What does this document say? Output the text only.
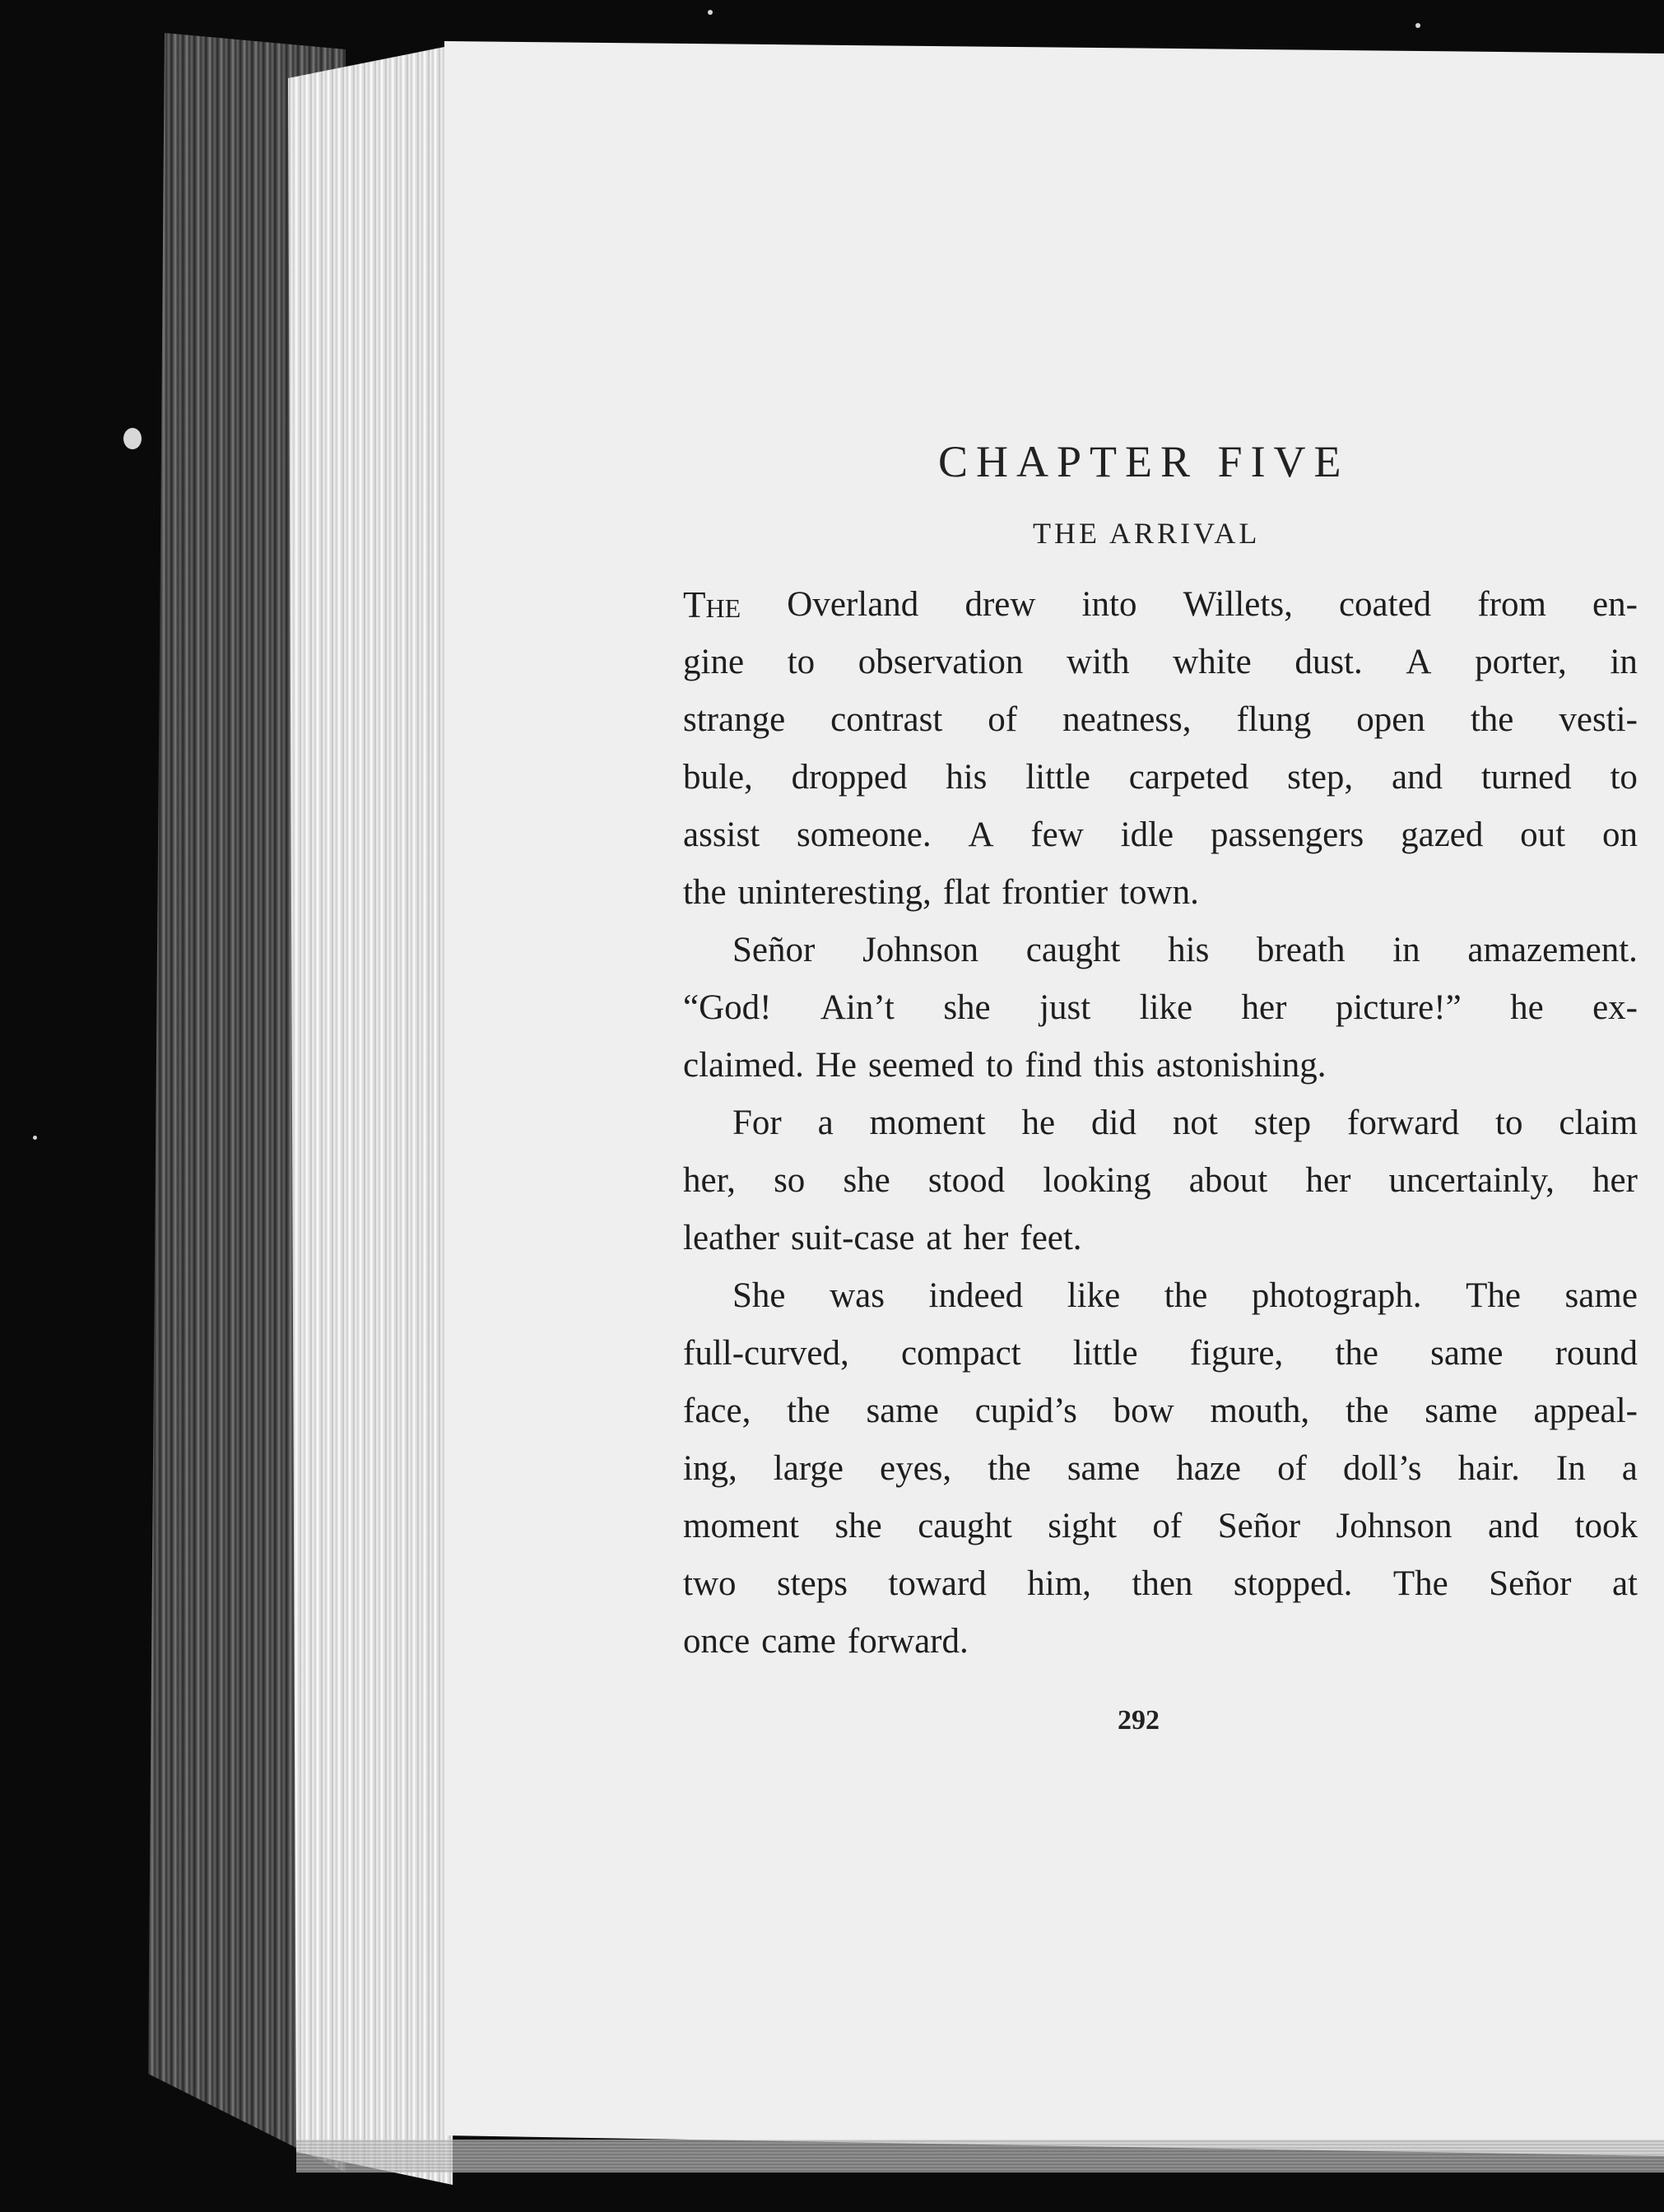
CHAPTER FIVE
THE ARRIVAL
The Overland drew into Willets, coated from en-
gine to observation with white dust. A porter, in
strange contrast of neatness, flung open the vesti-
bule, dropped his little carpeted step, and turned to
assist someone. A few idle passengers gazed out on
the uninteresting, flat frontier town.
Señor Johnson caught his breath in amazement.
“God! Ain’t she just like her picture!” he ex-
claimed. He seemed to find this astonishing.
For a moment he did not step forward to claim
her, so she stood looking about her uncertainly, her
leather suit-case at her feet.
She was indeed like the photograph. The same
full-curved, compact little figure, the same round
face, the same cupid’s bow mouth, the same appeal-
ing, large eyes, the same haze of doll’s hair. In a
moment she caught sight of Señor Johnson and took
two steps toward him, then stopped. The Señor at
once came forward.
292
